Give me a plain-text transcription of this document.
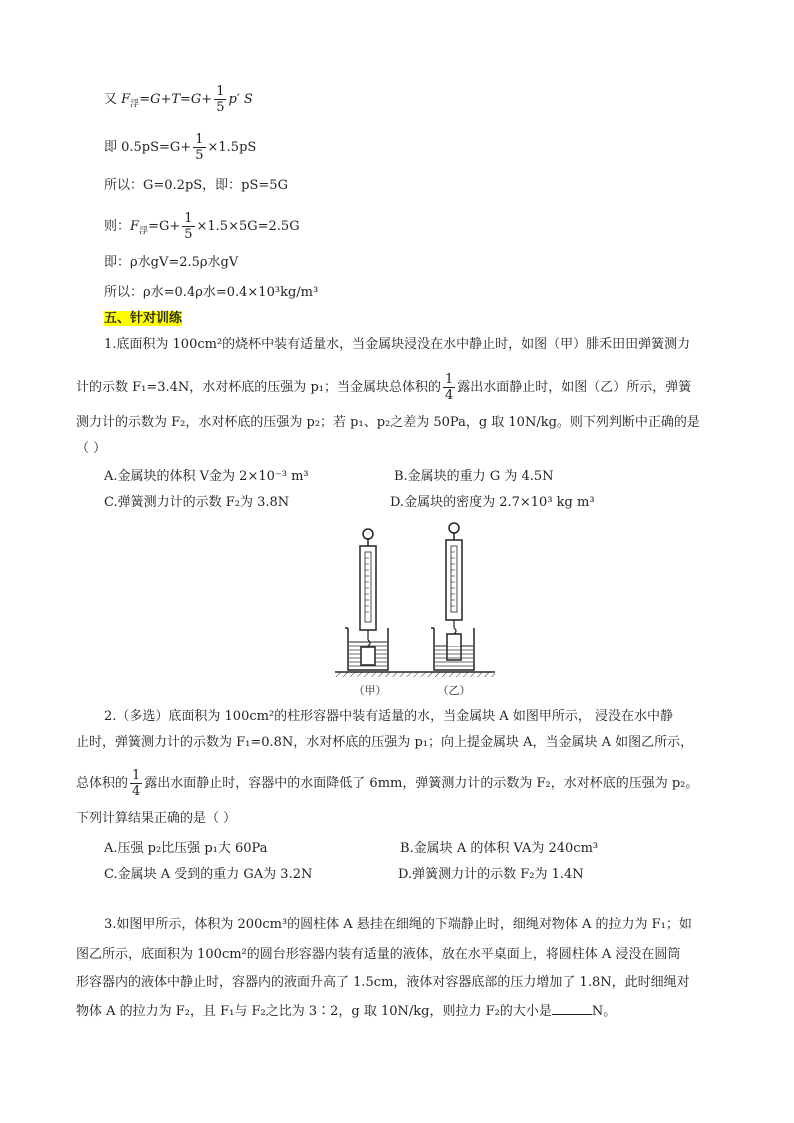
又 $F_浮=G+T=G+ \frac{1}{5} p'$ S
即 $0.5pS=G+ \frac{1}{5} \times 1.5pS$
所以：G=0.2pS，即：pS=5G
则：$F_浮=G+ \frac{1}{5} \times 1.5\times 5G=2.5G$
即：ρ水gV=2.5ρ水gV
所以：ρ水=0.4ρ水=0.4×10³kg/m³
五、针对训练
1.底面积为 100cm²的烧杯中装有适量水，当金属块浸没在水中静止时，如图（甲）腓禾田田弹簧测力
计的示数 F₁=3.4N，水对杯底的压强为 p₁；当金属块总体积的 $\frac{1}{4}$ 露出水面静止时，如图（乙）所示，弹簧
测力计的示数为 F₂，水对杯底的压强为 p₂；若 p₁、p₂之差为 50Pa，g 取 10N/kg。则下列判断中正确的是
（ ）
A.金属块的体积 V金为 2×10⁻³ m³	B.金属块的重力 G 为 4.5N
C.弹簧测力计的示数 F₂为 3.8N	D.金属块的密度为 2.7×10³ kg m³
（甲）	（乙）
2.（多选）底面积为 100cm²的柱形容器中装有适量的水，当金属块 A 如图甲所示， 浸没在水中静
止时，弹簧测力计的示数为 F₁=0.8N，水对杯底的压强为 p₁；向上提金属块 A，当金属块 A 如图乙所示，
总体积的 $\frac{1}{4}$ 露出水面静止时，容器中的水面降低了 6mm，弹簧测力计的示数为 F₂，水对杯底的压强为 p₂。
下列计算结果正确的是（ ）
A.压强 p₂比压强 p₁大 60Pa	B.金属块 A 的体积 VA为 240cm³
C.金属块 A 受到的重力 GA为 3.2N	D.弹簧测力计的示数 F₂为 1.4N
3.如图甲所示，体积为 200cm³的圆柱体 A 悬挂在细绳的下端静止时，细绳对物体 A 的拉力为 F₁；如
图乙所示，底面积为 100cm²的圆台形容器内装有适量的液体，放在水平桌面上，将圆柱体 A 浸没在圆筒
形容器内的液体中静止时，容器内的液面升高了 1.5cm，液体对容器底部的压力增加了 1.8N，此时细绳对
物体 A 的拉力为 F₂，且 F₁与 F₂之比为 3∶2，g 取 10N/kg，则拉力 F₂的大小是	N。
